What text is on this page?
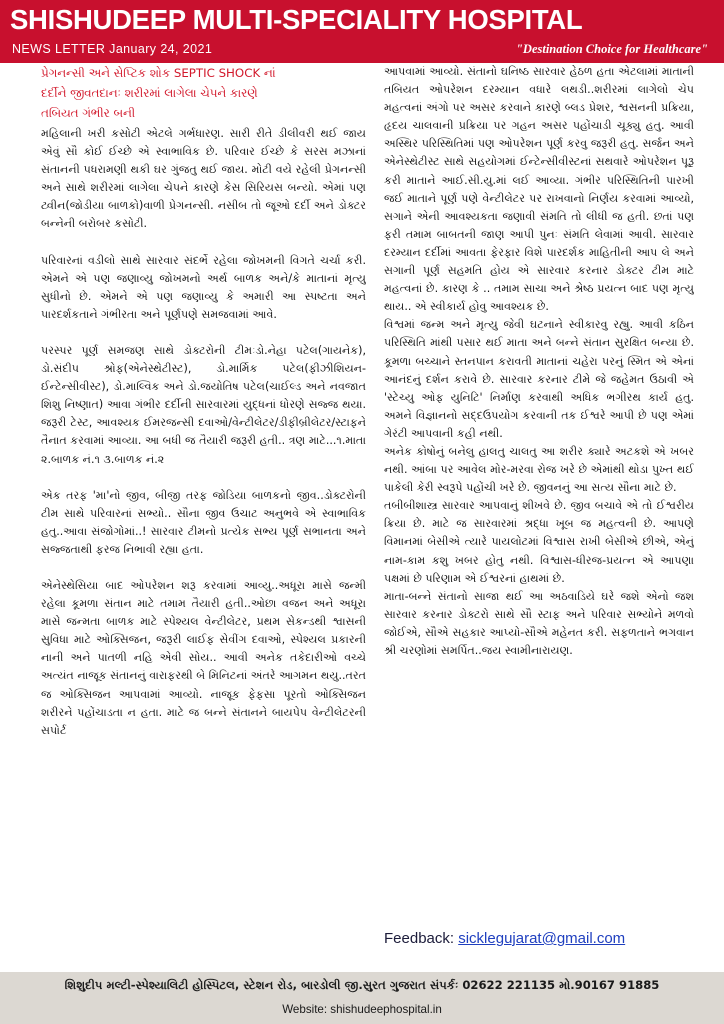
SHISHUDEEP MULTI-SPECIALITY HOSPITAL
NEWS LETTER January 24, 2021	"Destination Choice for Healthcare"
પ્રેગનન્સી અને સેપ્ટિક શોક SEPTIC SHOCK નાં
દર્દીને જીવતદાનઃ શરીરમાં લાગેલા ચેપને કારણે
તબિયત ગંભીર બની

મહિલાની ખરી કસોટી એટલે ગર્ભધારણ. સારી રીતે ડીલીવરી થઈ જાય એવું સૌ કોઈ ઈચ્છે એ સ્વાભાવિક છે. પરિવાર ઈચ્છે કે સરસ મઝાનાં સંતાનની પધરામણી થકી ઘર ગુંજતુ થઈ જાય. મોટી વયે રહેલી પ્રેગનન્સી અને સાથે શરીરમાં લાગેલા ચેપને કારણે કેસ સિરિયસ બન્યો. એમાં પણ ટ્વીન(જોડીયા બાળકો)વાળી પ્રેગનન્સી. નસીબ તો જૂઓ દર્દી અને ડોક્ટર બન્નેની બરોબર કસોટી.

પરિવારનાં વડીલો સાથે સારવાર સંદર્ભે રહેલા જોખમની વિગતે ચર્ચા કરી. એમને એ પણ જણાવ્યુ જોખમનો અર્થ બાળક અને/કે માતાનાં મૃત્યુ સુધીનો છે. એમને એ પણ જણાવ્યુ કે અમારી આ સ્પષ્ટતા અને પારદર્શકતાને ગંભીરતા અને પૂર્ણપણે સમજવામાં આવે.

પરસ્પર પૂર્ણ સમજણ સાથે ડોક્ટરોની ટીમઃડો.નેહા પટેલ(ગાયનેક), ડો.સંદીપ શ્રોફ(એનેસ્થેટીસ્ટ), ડો.માર્મિક પટેલ(ફીઝીશિયન-ઈન્ટેન્સીવીસ્ટ), ડો.માલ્વિક અને ડો.જયોતિષ પટેલ(ચાઈલ્ડ અને નવજાત શિશુ નિષ્ણાત) આવા ગંભીર દર્દીની સારવારમાં યુદ્ધનાં ધોરણે સજ્જ થયા. જરૂરી ટેસ્ટ, આવશ્યક ઈમરજન્સી દવાઓ/વેન્ટીલેટર/ડીફીબ્રીલેટર/સ્ટાફને તૈનાત કરવામાં આવ્યા. આ બધી જ તૈયારી જરૂરી હતી.. ત્રણ માટે...૧.માતા ૨.બાળક નં.૧ ૩.બાળક નં.૨

એક તરફ 'મા'નો જીવ, બીજી તરફ જોડિયા બાળકનો જીવ..ડોક્ટરોની ટીમ સાથે પરિવારનાં સભ્યો.. સૌના જીવ ઉચાટ અનુભવે એ સ્વાભાવિક હતુ..આવા સંજોગોમાં..! સારવાર ટીમનો પ્રત્યેક સભ્ય પૂર્ણ સભાનતા અને સજ્જતાથી ફરજ નિભાવી રહ્યા હતા.

એનેસ્થેસિયા બાદ ઓપરેશન શરૂ કરવામાં આવ્યુ..અધૂરા માસે જન્મી રહેલા કૂમળા સંતાન માટે તમામ તૈયારી હતી..ઓછા વજન અને અધૂરા માસે જન્મતા બાળક માટે સ્પેશ્યલ વેન્ટીલેટર, પ્રથમ સેકન્ડથી શ્વાસની સુવિધા માટે ઓક્સિજન, જરૂરી લાઈફ સેવીંગ દવાઓ, સ્પેશ્યલ પ્રકારની નાની અને પાતળી નહિ એવી સોય.. આવી અનેક તકેદારીઓ વચ્ચે અત્યંત નાજૂક સંતાનનું વારાફરથી બે મિનિટનાં અંતરે આગમન થયુ..તરત જ ઓક્સિજન આપવામાં આવ્યો. નાજૂક ફેફસા પૂરતો ઓક્સિજન શરીરને પહોંચાડતા ન હતા. માટે જ બન્ને સંતાનને બાયપેપ વેન્ટીલેટરની સપોર્ટ

આપવામાં આવ્યો. સંતાનો ઘનિષ્ઠ સારવાર હેઠળ હતા એટલામાં માતાની તબિયત ઓપરેશન દરમ્યાન વધારે લથડી..શરીરમાં લાગેલો ચેપ મહત્વનાં અંગો પર અસર કરવાને કારણે બ્લડ પ્રેશર, શ્વસનની પ્રક્રિયા, હૃદય ચાલવાની પ્રક્રિયા પર ગહન અસર પહોંચાડી ચૂક્યુ હતુ. આવી અસ્થિર પરિસ્થિતિમાં પણ ઓપરેશન પૂર્ણ કરવુ જરૂરી હતુ. સર્જન અને એનેસ્થેટીસ્ટ સાથે સહયોગમાં ઈન્ટેન્સીવીસ્ટનાં સથવારે ઓપરેશન પૂરૂ કરી માતાને આઈ.સી.યુ.માં લઈ આવ્યા. ગંભીર પરિસ્થિતિની પારખી જઈ માતાને પૂર્ણ પણે વેન્ટીલેટર પર રાખવાનો નિર્ણય કરવામાં આવ્યો, સગાને એની આવશ્યકતા જણાવી સંમતિ તો લીધી જ હતી. છતાં પણ ફરી તમામ બાબતની જાણ આપી પુનઃ સંમતિ લેવામાં આવી. સારવાર દરમ્યાન દર્દીમાં આવતા ફેરફાર વિશે પારદર્શક માહિતીની આપ લે અને સગાની પૂર્ણ સહમતિ હોય એ સારવાર કરનાર ડોક્ટર ટીમ માટે મહત્વનાં છે. કારણ કે .. તમામ સાચા અને શ્રેષ્ઠ પ્રયત્ન બાદ પણ મૃત્યુ થાય.. એ સ્વીકાર્ય હોવુ આવશ્યક છે.

વિશ્વમાં જન્મ અને મૃત્યુ જેવી ઘટનાને સ્વીકારવુ રહ્યુ. આવી કઠિન પરિસ્થિતિ માંથી પસાર થઈ માતા અને બન્ને સંતાન સુરક્ષિત બન્યા છે. કૂમળા બચ્ચાને સ્તનપાન કરાવતી માતાનાં ચહેરા પરનું સ્મિત એ એનાં આનંદનું દર્શન કરાવે છે. સારવાર કરનાર ટીમે જે જહેમત ઉઠાવી એ 'સ્ટેચ્યુ ઓફ યુનિટિ' નિર્માણ કરવાથી અધિક ભગીરથ કાર્ય હતુ. અમને વિજ્ઞાનનો સદ્દઉપયોગ કરવાની તક ઈશ્વરે આપી છે પણ એમાં ગેરંટી આપવાની કહી નથી.

અનેક કોષોનું બનેલુ હાલતુ ચાલતુ આ શરીર ક્યારે અટકશે એ ખબર નથી. આંબા પર આવેલ મોર-મરવા રોજ ખરે છે એમાંથી થોડા પુખ્ત થઈ પાકેલી કેરી સ્વરૂપે પહોંચી ખરે છે. જીવનનું આ સત્ય સૌના માટે છે.

તબીબીશાસ્ત્ર સારવાર આપવાનું શીખવે છે. જીવ બચાવે એ તો ઈશ્વરીય ક્રિયા છે. માટે જ સારવારમાં શ્રદ્ધા ખૂબ જ મહત્વની છે. આપણે વિમાનમાં બેસીએ ત્યારે પાયલોટમાં વિશ્વાસ રાખી બેસીએ છીએ, એનું નામ-કામ કશુ ખબર હોતુ નથી. વિશ્વાસ-ધીરજ-પ્રયત્ન એ આપણા પક્ષમાં છે પરિણામ એ ઈશ્વરનાં હાથમાં છે.

માતા-બન્ને સંતાનો સાજા થઈ આ અઠવાડિયે ઘરે જશે એનો જશ સારવાર કરનાર ડોક્ટરો સાથે સૌ સ્ટાફ અને પરિવાર સભ્યોને મળવો જોઈએ, સૌએ સહકાર આપ્યો-સૌએ મહેનત કરી. સફળતાને ભગવાન શ્રી ચરણોમાં સમર્પિત..જય સ્વામીનારાયણ.

Feedback: sicklegujarat@gmail.com
શિશુદીપ મલ્ટી-સ્પેશ્યાલિટી હોસ્પિટલ, સ્ટેશન રોડ, બારડોલી જી.સુરત ગુજરાત સંપર્કઃ 02622 221135 મો.90167 91885
Website: shishudeephospital.in
